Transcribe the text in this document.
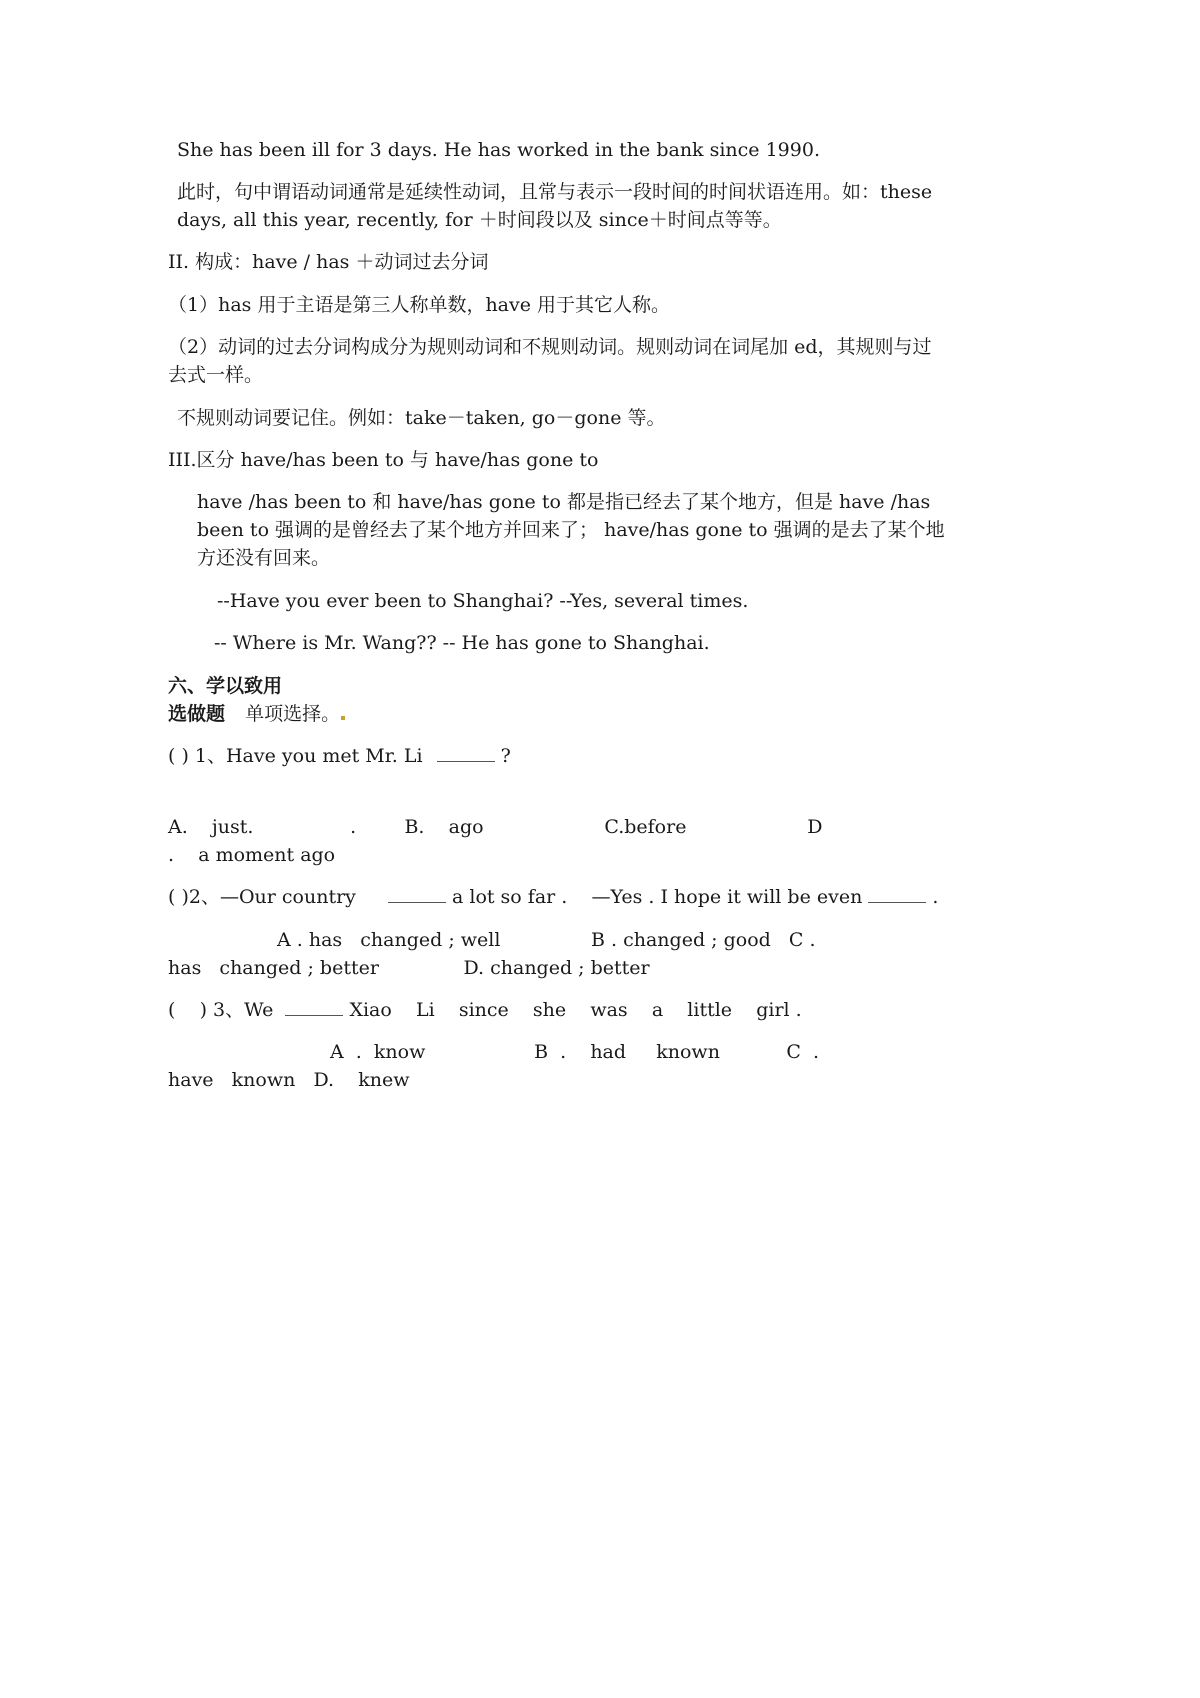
She has been ill for 3 days. He has worked in the bank since 1990.
此时，句中谓语动词通常是延续性动词，且常与表示一段时间的时间状语连用。如：these
days, all this year, recently, for ＋时间段以及 since＋时间点等等。
II. 构成：have / has ＋动词过去分词
（1）has 用于主语是第三人称单数，have 用于其它人称。
（2）动词的过去分词构成分为规则动词和不规则动词。规则动词在词尾加 ed，其规则与过
去式一样。
不规则动词要记住。例如：take－taken, go－gone 等。
III.区分 have/has been to 与 have/has gone to
have /has been to 和 have/has gone to 都是指已经去了某个地方，但是 have /has
been to 强调的是曾经去了某个地方并回来了； have/has gone to 强调的是去了某个地
方还没有回来。
--Have you ever been to Shanghai? --Yes, several times.
-- Where is Mr. Wang?? -- He has gone to Shanghai.
六、学以致用
选做题 单项选择。
( ) 1、Have you met Mr. Li	?
A.    just.                .        B.    ago                    C.before                    D
.    a moment ago
( )2、—Our country	a lot so far .    —Yes . I hope it will be even	.
A . has   changed ; well               B . changed ; good   C .
has   changed ; better              D. changed ; better
(    ) 3、We	Xiao    Li    since    she    was    a    little    girl .
A  .  know                  B  .    had     known           C  .
have   known   D.    knew
